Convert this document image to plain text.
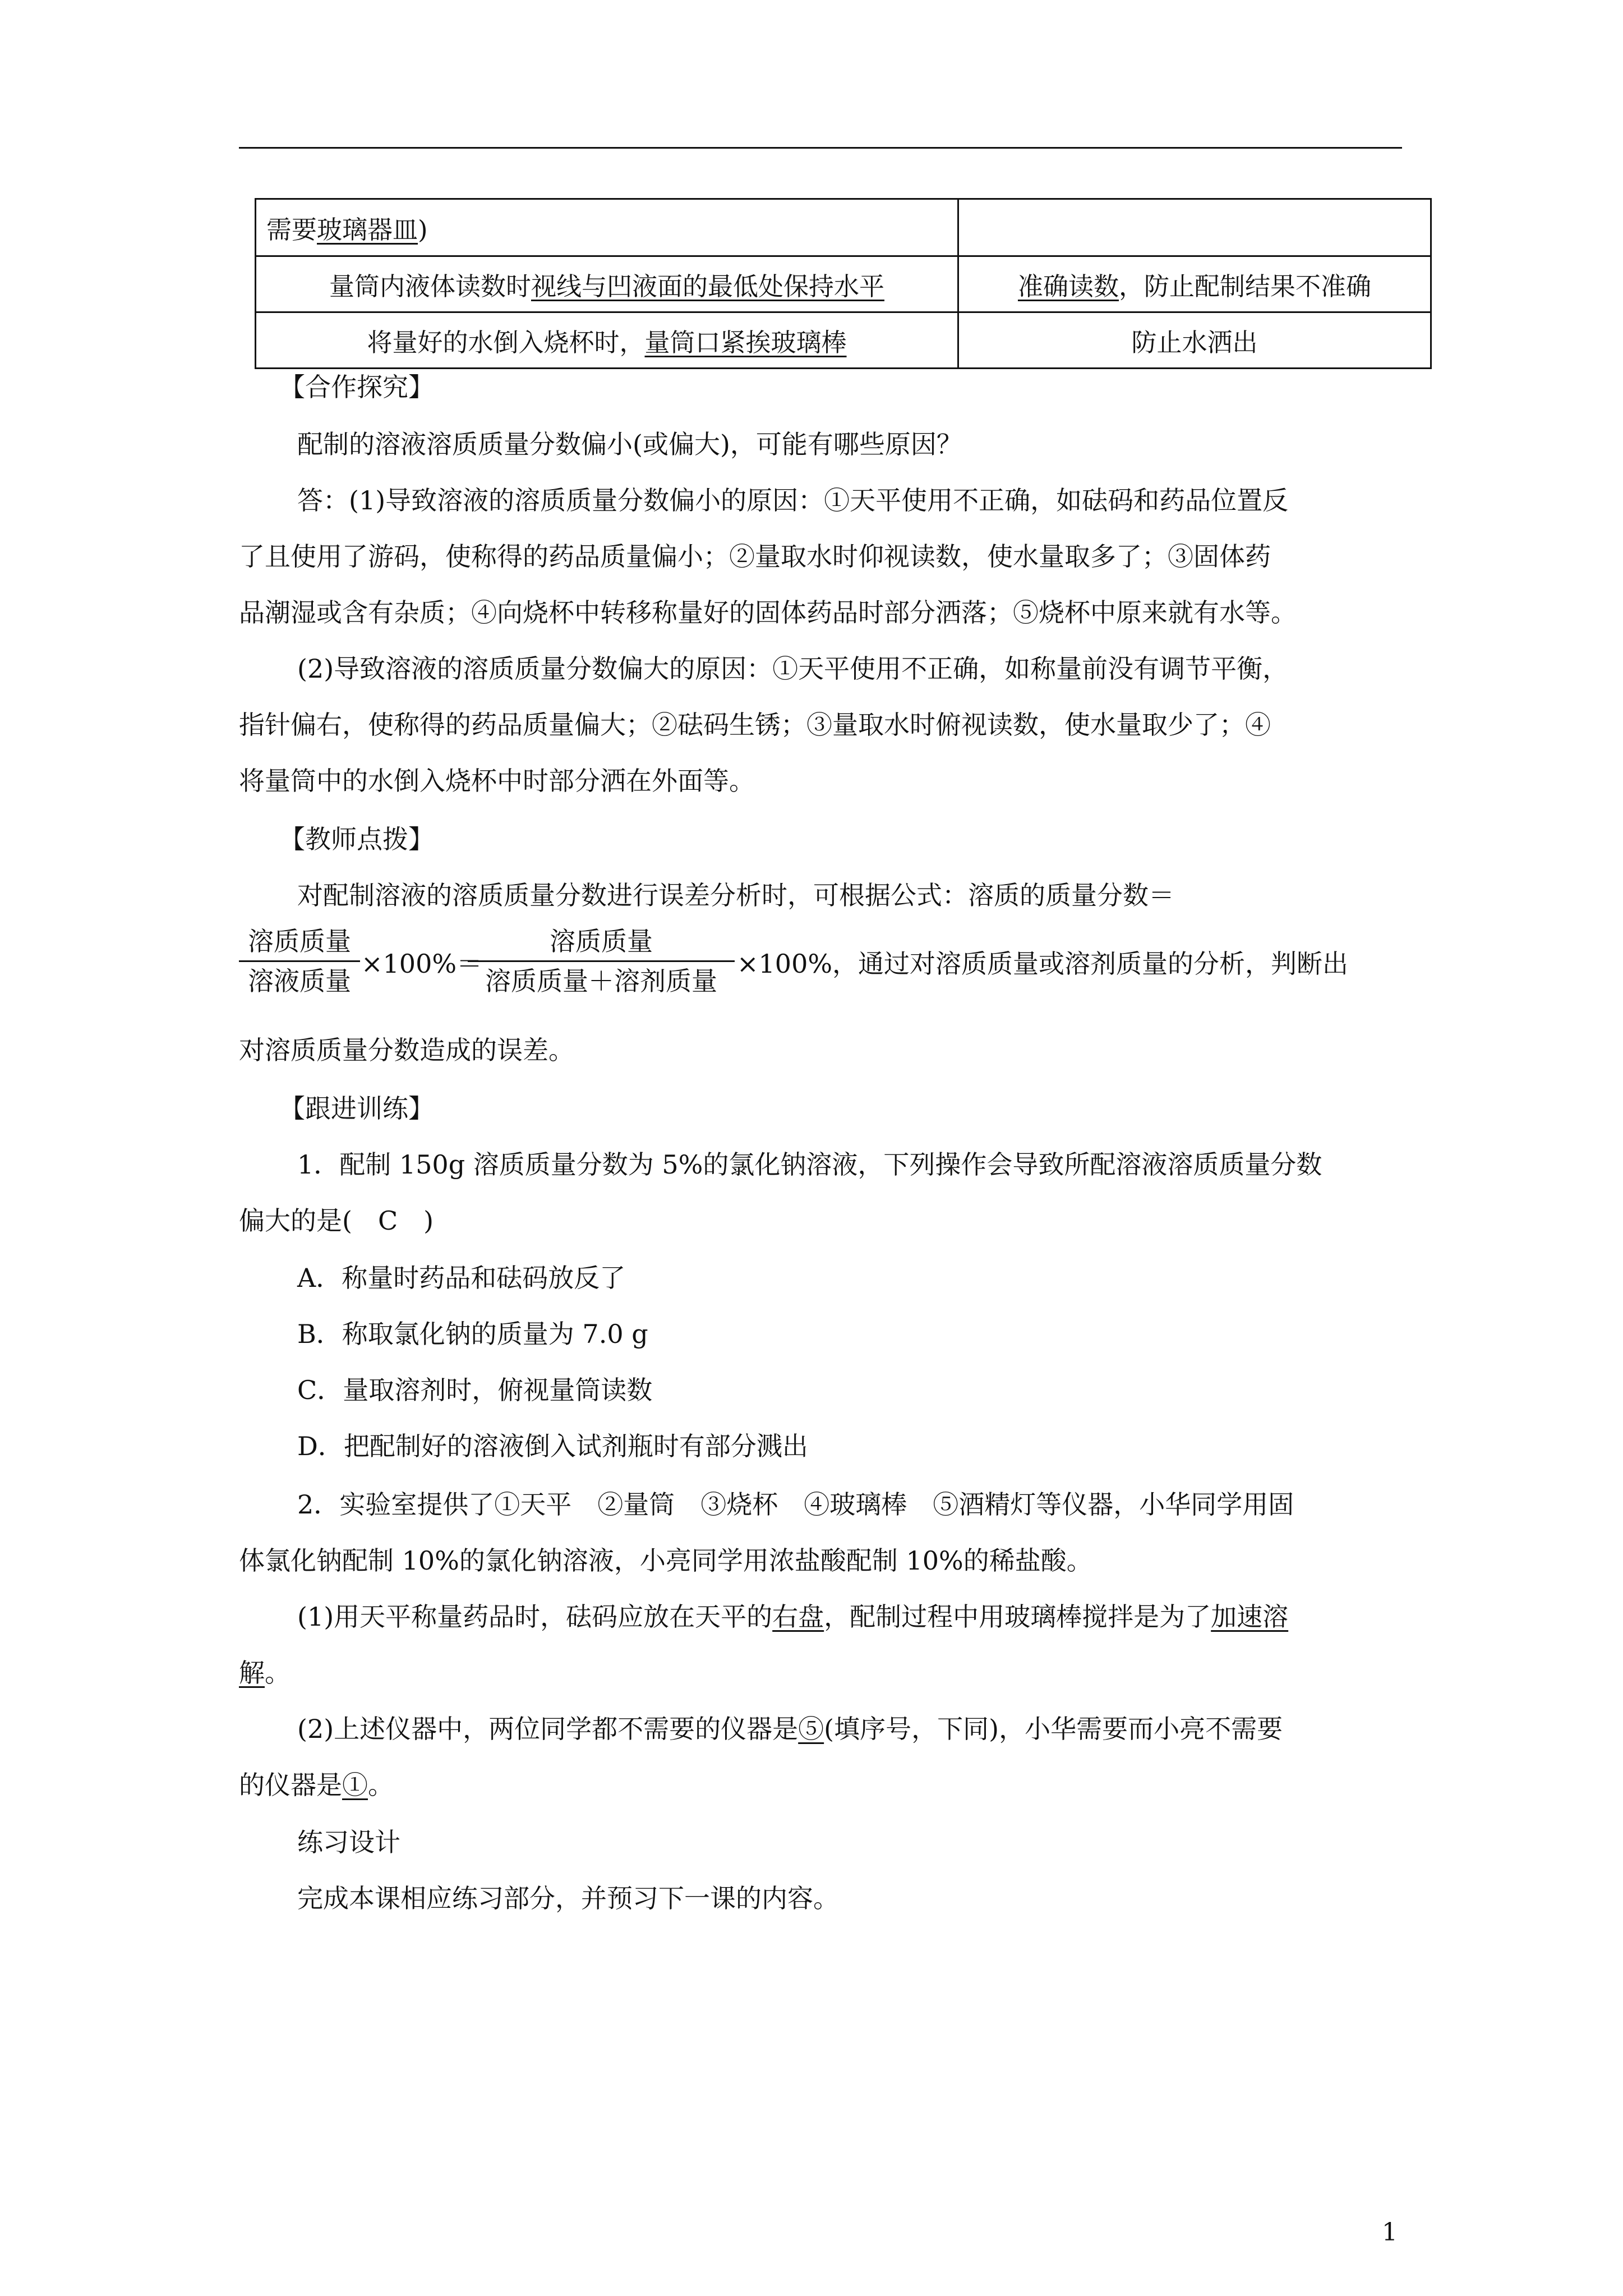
需要玻璃器皿)	
量筒内液体读数时视线与凹液面的最低处保持水平	准确读数，防止配制结果不准确
将量好的水倒入烧杯时，量筒口紧挨玻璃棒	防止水洒出
【合作探究】
配制的溶液溶质质量分数偏小(或偏大)，可能有哪些原因？
答：(1)导致溶液的溶质质量分数偏小的原因：①天平使用不正确，如砝码和药品位置反
了且使用了游码，使称得的药品质量偏小；②量取水时仰视读数，使水量取多了；③固体药
品潮湿或含有杂质；④向烧杯中转移称量好的固体药品时部分洒落；⑤烧杯中原来就有水等。
(2)导致溶液的溶质质量分数偏大的原因：①天平使用不正确，如称量前没有调节平衡，
指针偏右，使称得的药品质量偏大；②砝码生锈；③量取水时俯视读数，使水量取少了；④
将量筒中的水倒入烧杯中时部分洒在外面等。
【教师点拨】
对配制溶液的溶质质量分数进行误差分析时，可根据公式：溶质的质量分数＝
溶质质量
溶液质量
×100%＝
溶质质量
溶质质量＋溶剂质量
×100%，通过对溶质质量或溶剂质量的分析，判断出
对溶质质量分数造成的误差。
【跟进训练】
1．配制 150g 溶质质量分数为 5%的氯化钠溶液，下列操作会导致所配溶液溶质质量分数
偏大的是(　C　)
A．称量时药品和砝码放反了
B．称取氯化钠的质量为 7.0 g
C．量取溶剂时，俯视量筒读数
D．把配制好的溶液倒入试剂瓶时有部分溅出
2．实验室提供了①天平　②量筒　③烧杯　④玻璃棒　⑤酒精灯等仪器，小华同学用固
体氯化钠配制 10%的氯化钠溶液，小亮同学用浓盐酸配制 10%的稀盐酸。
(1)用天平称量药品时，砝码应放在天平的右盘，配制过程中用玻璃棒搅拌是为了加速溶
解。
(2)上述仪器中，两位同学都不需要的仪器是⑤(填序号，下同)，小华需要而小亮不需要
的仪器是①。
练习设计
完成本课相应练习部分，并预习下一课的内容。
1
